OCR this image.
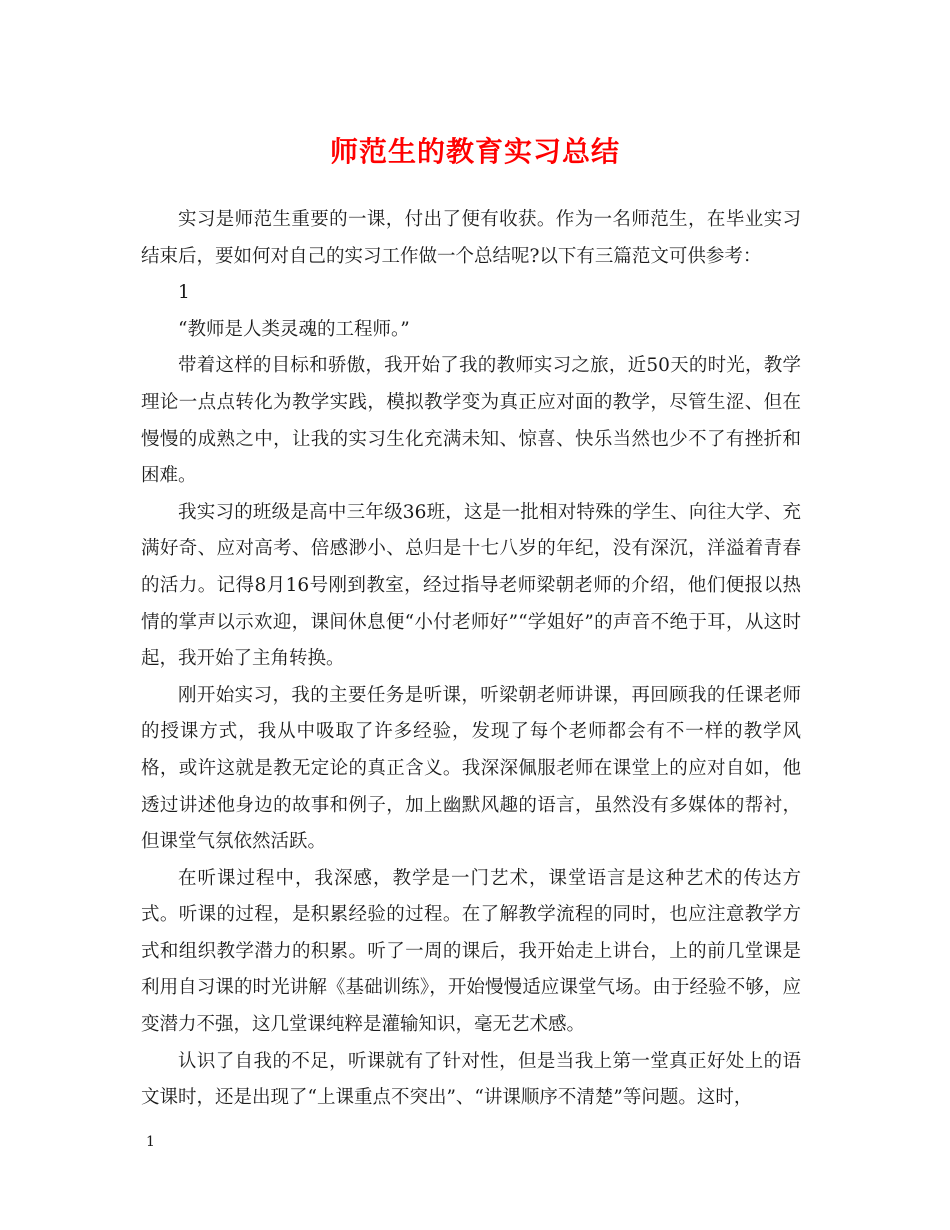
师范生的教育实习总结

实习是师范生重要的一课，付出了便有收获。作为一名师范生，在毕业实习结束后，要如何对自己的实习工作做一个总结呢?以下有三篇范文可供参考：

1

“教师是人类灵魂的工程师。”

带着这样的目标和骄傲，我开始了我的教师实习之旅，近50天的时光，教学理论一点点转化为教学实践，模拟教学变为真正应对面的教学，尽管生涩、但在慢慢的成熟之中，让我的实习生化充满未知、惊喜、快乐当然也少不了有挫折和困难。

我实习的班级是高中三年级36班，这是一批相对特殊的学生、向往大学、充满好奇、应对高考、倍感渺小、总归是十七八岁的年纪，没有深沉，洋溢着青春的活力。记得8月16号刚到教室，经过指导老师梁朝老师的介绍，他们便报以热情的掌声以示欢迎，课间休息便“小付老师好”“学姐好”的声音不绝于耳，从这时起，我开始了主角转换。

刚开始实习，我的主要任务是听课，听梁朝老师讲课，再回顾我的任课老师的授课方式，我从中吸取了许多经验，发现了每个老师都会有不一样的教学风格，或许这就是教无定论的真正含义。我深深佩服老师在课堂上的应对自如，他透过讲述他身边的故事和例子，加上幽默风趣的语言，虽然没有多媒体的帮衬，但课堂气氛依然活跃。

在听课过程中，我深感，教学是一门艺术，课堂语言是这种艺术的传达方式。听课的过程，是积累经验的过程。在了解教学流程的同时，也应注意教学方式和组织教学潜力的积累。听了一周的课后，我开始走上讲台，上的前几堂课是利用自习课的时光讲解《基础训练》，开始慢慢适应课堂气场。由于经验不够，应变潜力不强，这几堂课纯粹是灌输知识，毫无艺术感。

认识了自我的不足，听课就有了针对性，但是当我上第一堂真正好处上的语文课时，还是出现了“上课重点不突出”、“讲课顺序不清楚”等问题。这时，

1
